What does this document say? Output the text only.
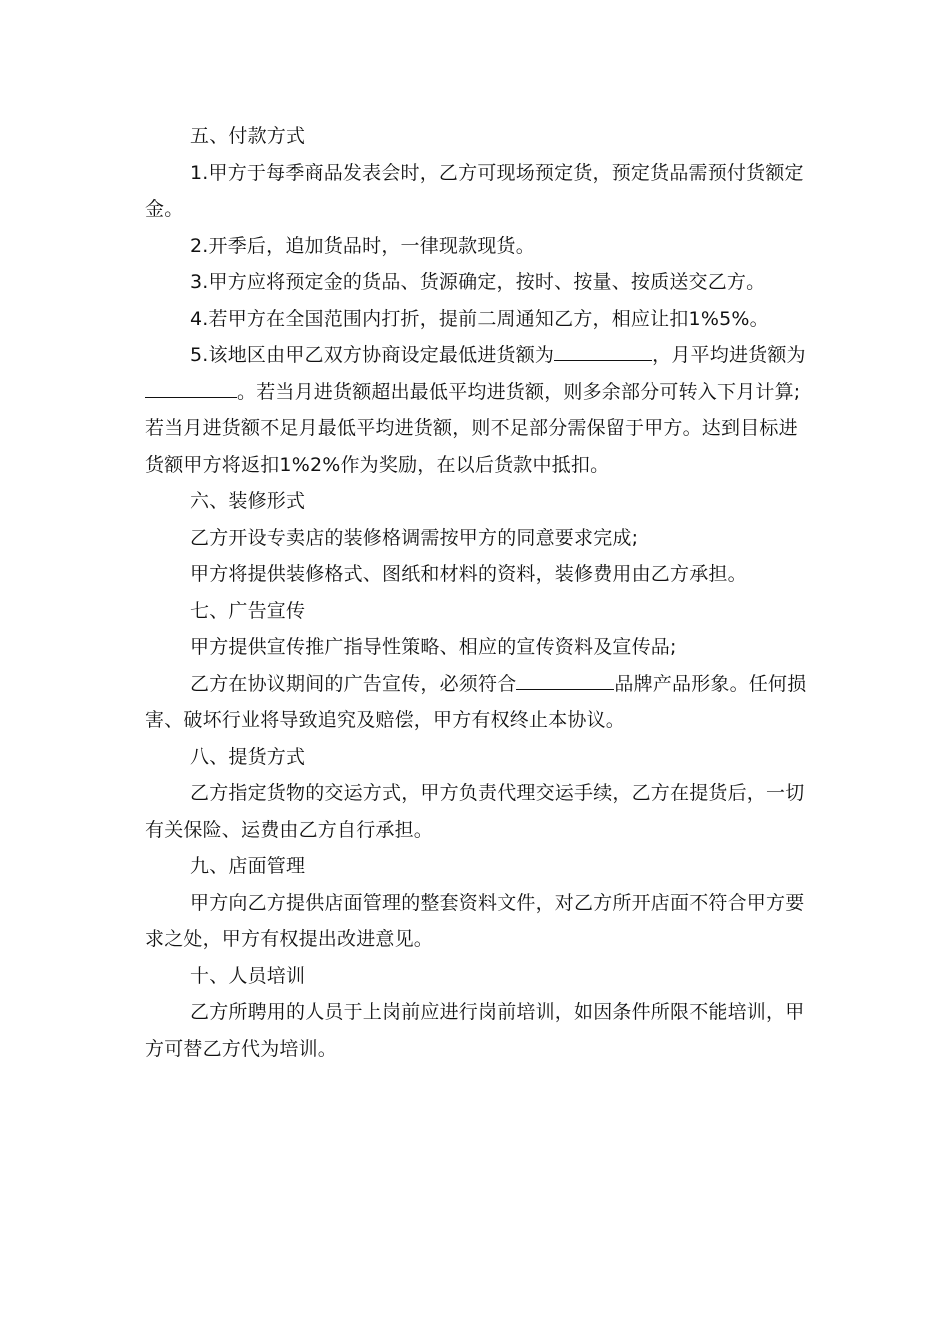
五、付款方式

1.甲方于每季商品发表会时，乙方可现场预定货，预定货品需预付货额定金。

2.开季后，追加货品时，一律现款现货。

3.甲方应将预定金的货品、货源确定，按时、按量、按质送交乙方。

4.若甲方在全国范围内打折，提前二周通知乙方，相应让扣1%5%。

5.该地区由甲乙双方协商设定最低进货额为	，月平均进货额为。若当月进货额超出最低平均进货额，则多余部分可转入下月计算;若当月进货额不足月最低平均进货额，则不足部分需保留于甲方。达到目标进货额甲方将返扣1%2%作为奖励，在以后货款中抵扣。

六、装修形式

乙方开设专卖店的装修格调需按甲方的同意要求完成;

甲方将提供装修格式、图纸和材料的资料，装修费用由乙方承担。

七、广告宣传

甲方提供宣传推广指导性策略、相应的宣传资料及宣传品;

乙方在协议期间的广告宣传，必须符合	品牌产品形象。任何损害、破坏行业将导致追究及赔偿，甲方有权终止本协议。

八、提货方式

乙方指定货物的交运方式，甲方负责代理交运手续，乙方在提货后，一切有关保险、运费由乙方自行承担。

九、店面管理

甲方向乙方提供店面管理的整套资料文件，对乙方所开店面不符合甲方要求之处，甲方有权提出改进意见。

十、人员培训

乙方所聘用的人员于上岗前应进行岗前培训，如因条件所限不能培训，甲方可替乙方代为培训。
